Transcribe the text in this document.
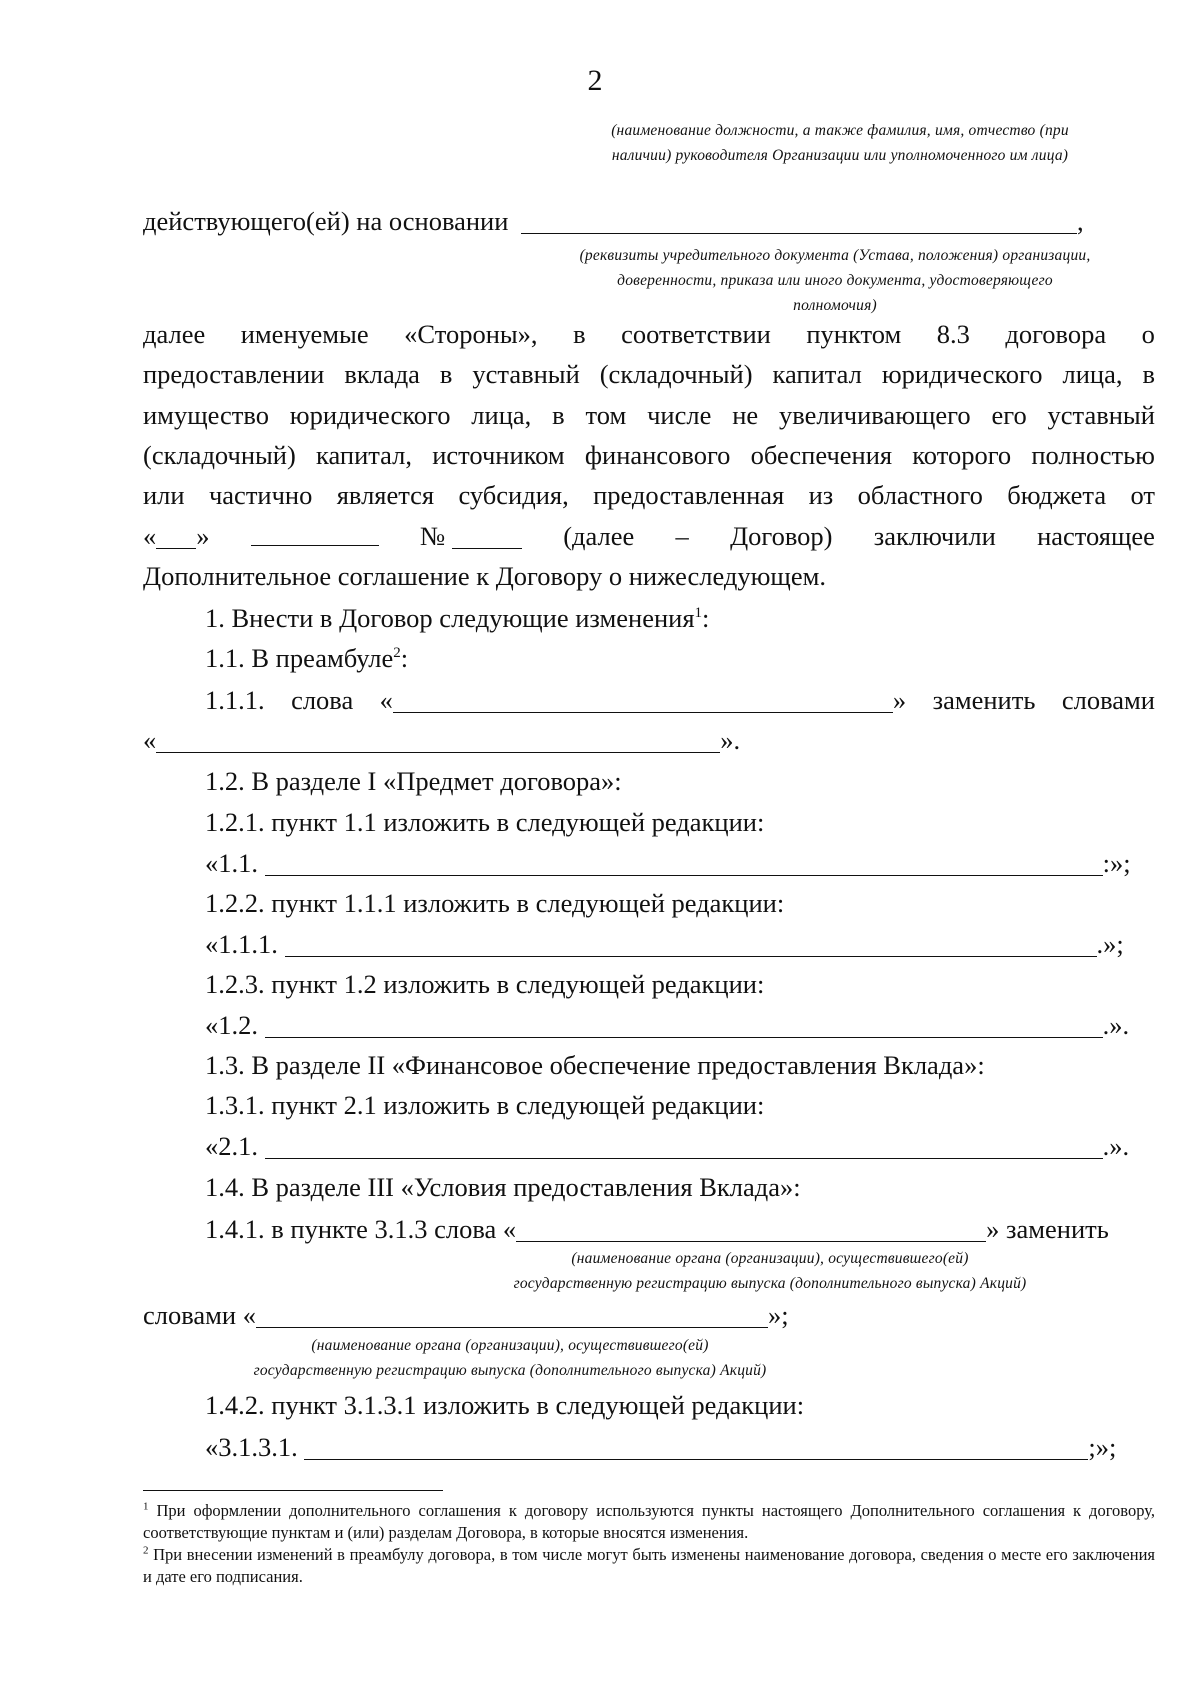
2
(наименование должности, а также фамилия, имя, отчество (при
наличии) руководителя Организации или уполномоченного им лица)
действующего(ей) на основании	,
(реквизиты учредительного документа (Устава, положения) организации,
доверенности, приказа или иного документа, удостоверяющего
полномочия)
далее именуемые «Стороны», в соответствии пунктом 8.3 договора о
предоставлении вклада в уставный (складочный) капитал юридического лица, в
имущество юридического лица, в том числе не увеличивающего его уставный
(складочный) капитал, источником финансового обеспечения которого полностью
или частично является субсидия, предоставленная из областного бюджета от
« »	№	(далее – Договор) заключили настоящее
Дополнительное соглашение к Договору о нижеследующем.
1. Внести в Договор следующие изменения$^1$:
1.1. В преамбуле$^2$:
1.1.1. слова «	» заменить словами
«	».
1.2. В разделе I «Предмет договора»:
1.2.1. пункт 1.1 изложить в следующей редакции:
«1.1.	:»;
1.2.2. пункт 1.1.1 изложить в следующей редакции:
«1.1.1.	.»;
1.2.3. пункт 1.2 изложить в следующей редакции:
«1.2.	.».
1.3. В разделе II «Финансовое обеспечение предоставления Вклада»:
1.3.1. пункт 2.1 изложить в следующей редакции:
«2.1.	.».
1.4. В разделе III «Условия предоставления Вклада»:
1.4.1. в пункте 3.1.3 слова «	» заменить
(наименование органа (организации), осуществившего(ей)
государственную регистрацию выпуска (дополнительного выпуска) Акций)
словами «	»;
(наименование органа (организации), осуществившего(ей)
государственную регистрацию выпуска (дополнительного выпуска) Акций)
1.4.2. пункт 3.1.3.1 изложить в следующей редакции:
«3.1.3.1.	;»;
$^1$ При оформлении дополнительного соглашения к договору используются пункты настоящего Дополнительного соглашения к договору, соответствующие пунктам и (или) разделам Договора, в которые вносятся изменения.
$^2$ При внесении изменений в преамбулу договора, в том числе могут быть изменены наименование договора, сведения о месте его заключения и дате его подписания.
